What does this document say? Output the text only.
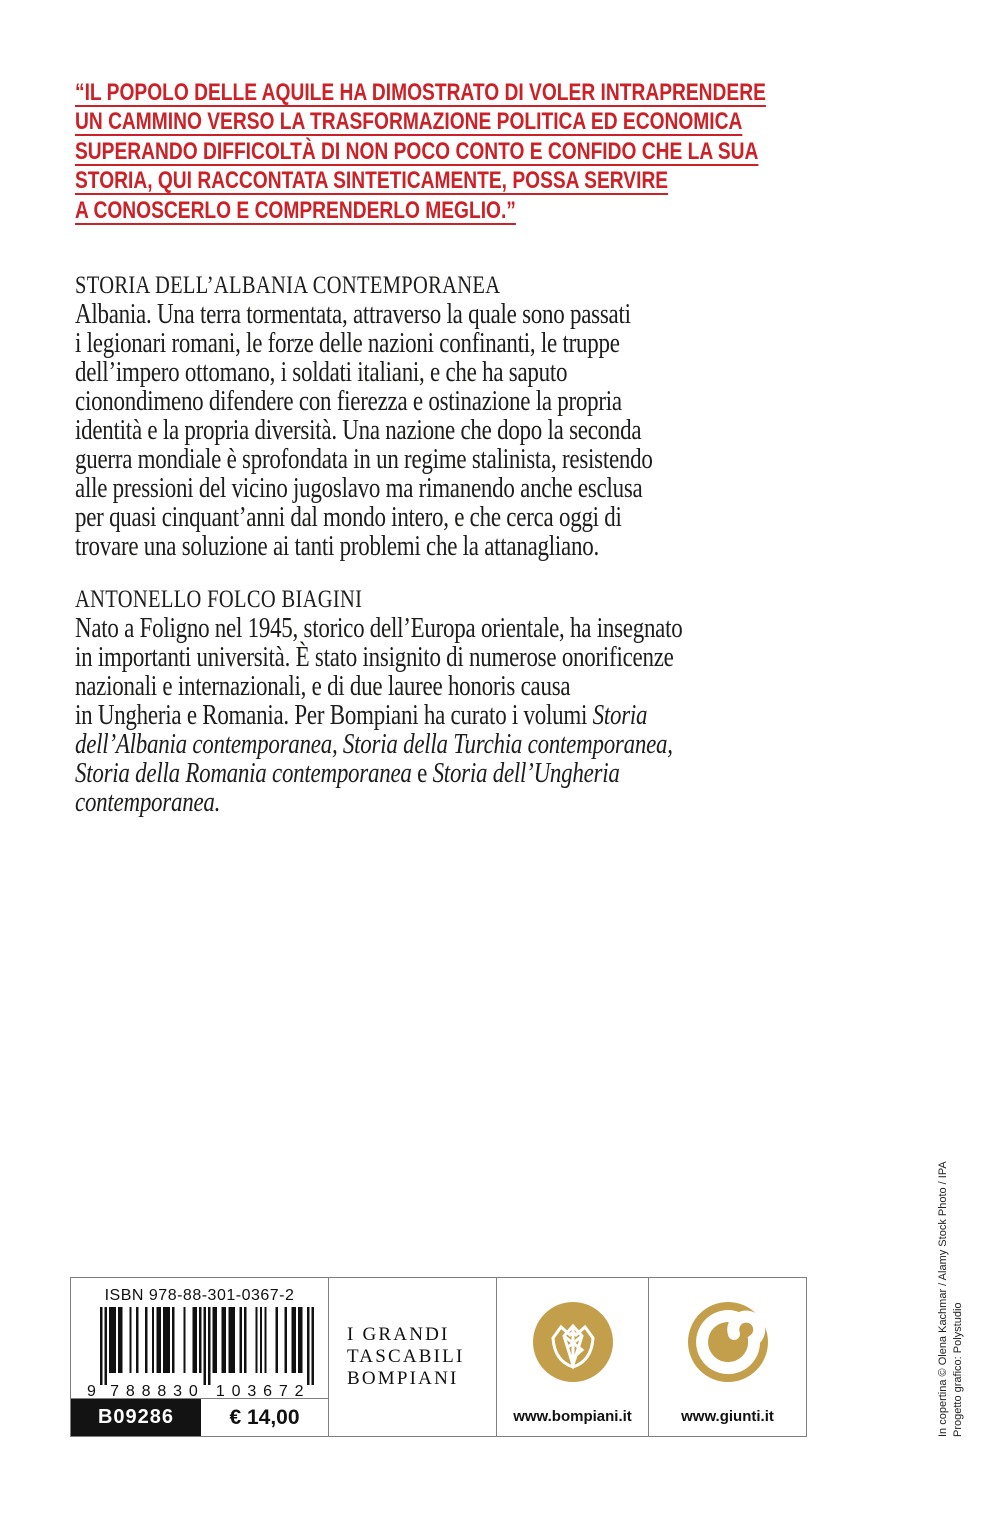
“IL POPOLO DELLE AQUILE HA DIMOSTRATO DI VOLER INTRAPRENDERE
UN CAMMINO VERSO LA TRASFORMAZIONE POLITICA ED ECONOMICA
SUPERANDO DIFFICOLTÀ DI NON POCO CONTO E CONFIDO CHE LA SUA
STORIA, QUI RACCONTATA SINTETICAMENTE, POSSA SERVIRE
A CONOSCERLO E COMPRENDERLO MEGLIO.”
STORIA DELL’ALBANIA CONTEMPORANEA
Albania. Una terra tormentata, attraverso la quale sono passati
i legionari romani, le forze delle nazioni confinanti, le truppe
dell’impero ottomano, i soldati italiani, e che ha saputo
cionondimeno difendere con fierezza e ostinazione la propria
identità e la propria diversità. Una nazione che dopo la seconda
guerra mondiale è sprofondata in un regime stalinista, resistendo
alle pressioni del vicino jugoslavo ma rimanendo anche esclusa
per quasi cinquant’anni dal mondo intero, e che cerca oggi di
trovare una soluzione ai tanti problemi che la attanagliano.
ANTONELLO FOLCO BIAGINI
Nato a Foligno nel 1945, storico dell’Europa orientale, ha insegnato
in importanti università. È stato insignito di numerose onorificenze
nazionali e internazionali, e di due lauree honoris causa
in Ungheria e Romania. Per Bompiani ha curato i volumi Storia
dell’Albania contemporanea, Storia della Turchia contemporanea,
Storia della Romania contemporanea e Storia dell’Ungheria
contemporanea.
ISBN 978-88-301-0367-2
9 7	1
8	0
8	3
8	6
3	7
0	2
B09286	€ 14,00
I GRANDI
TASCABILI
BOMPIANI
www.bompiani.it	www.giunti.it	In copertina © Olena Kachmar / Alamy Stock Photo / IPA Progetto grafico: Polystudio
